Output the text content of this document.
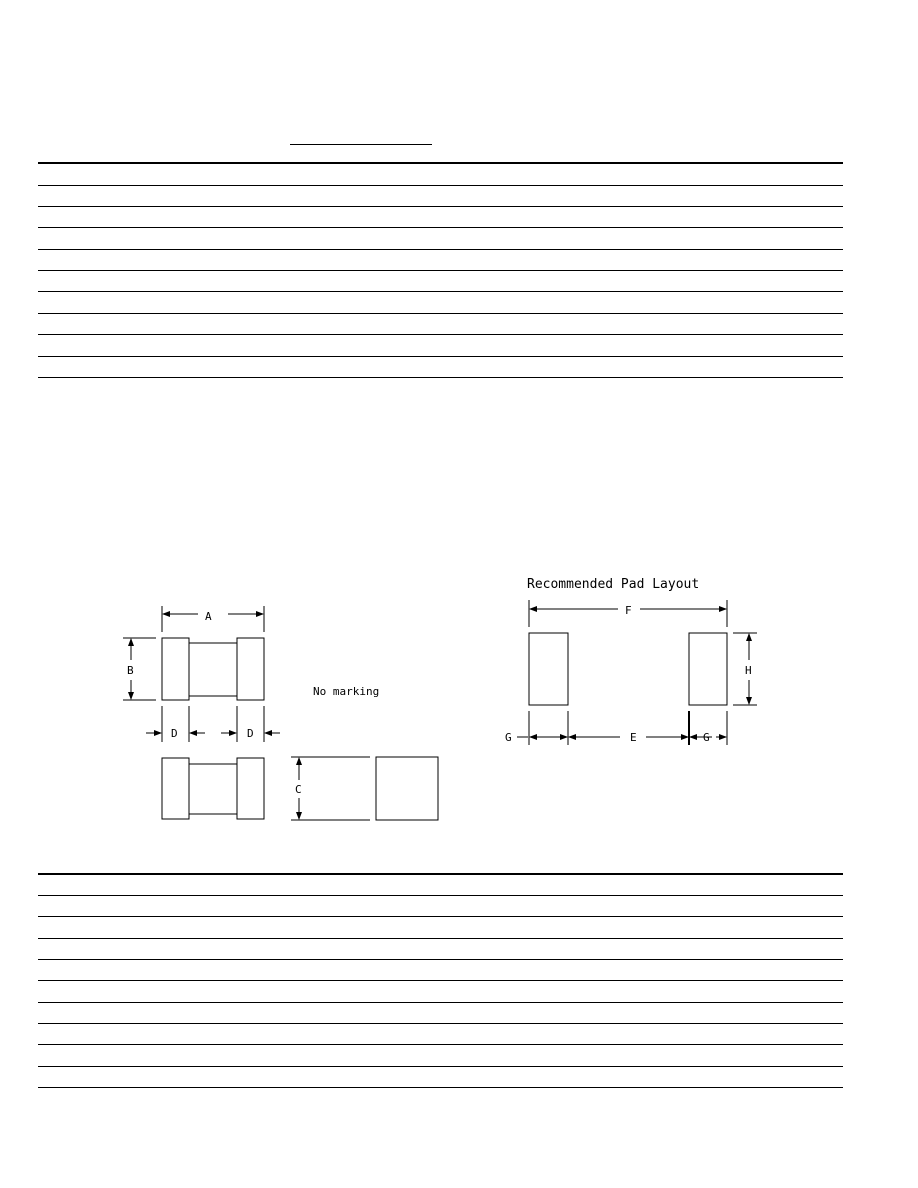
A
B
C
D	D
No marking
Recommended Pad Layout
F
H
G	E	G
